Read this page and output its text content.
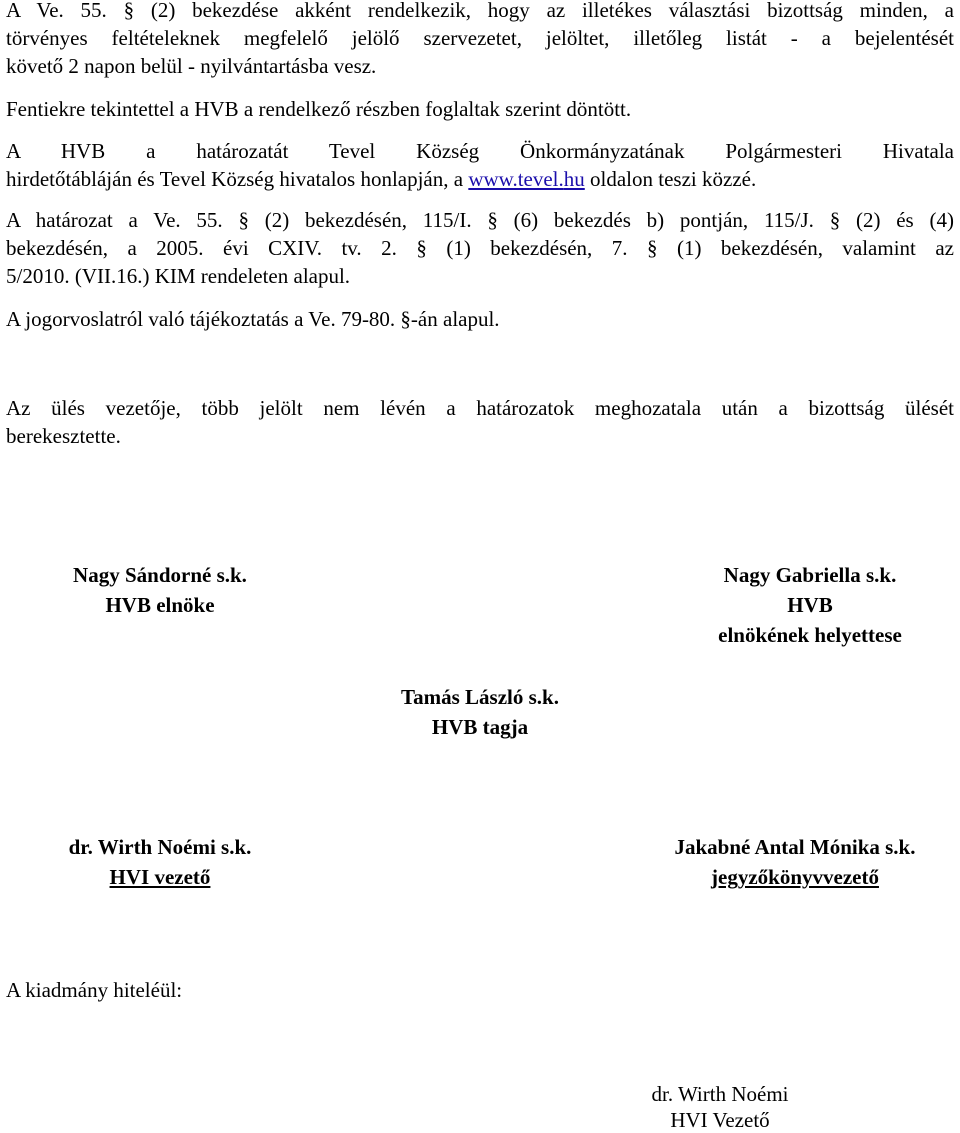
A Ve. 55. § (2) bekezdése akként rendelkezik, hogy az illetékes választási bizottság minden, a
törvényes feltételeknek megfelelő jelölő szervezetet, jelöltet, illetőleg listát - a bejelentését
követő 2 napon belül - nyilvántartásba vesz.
Fentiekre tekintettel a HVB a rendelkező részben foglaltak szerint döntött.
A HVB a határozatát Tevel Község Önkormányzatának Polgármesteri Hivatala
hirdetőtábláján és Tevel Község hivatalos honlapján, a www.tevel.hu oldalon teszi közzé.
A határozat a Ve. 55. § (2) bekezdésén, 115/I. § (6) bekezdés b) pontján, 115/J. § (2) és (4)
bekezdésén, a 2005. évi CXIV. tv. 2. § (1) bekezdésén, 7. § (1) bekezdésén, valamint az
5/2010. (VII.16.) KIM rendeleten alapul.
A jogorvoslatról való tájékoztatás a Ve. 79-80. §-án alapul.
Az ülés vezetője, több jelölt nem lévén a határozatok meghozatala után a bizottság ülését
berekesztette.
Nagy Sándorné s.k.
HVB elnöke
Nagy Gabriella s.k.
HVB
elnökének helyettese
Tamás László s.k.
HVB tagja
dr. Wirth Noémi s.k.
HVI vezető
Jakabné Antal Mónika s.k.
jegyzőkönyvvezető
A kiadmány hiteléül:
dr. Wirth Noémi
HVI Vezető
